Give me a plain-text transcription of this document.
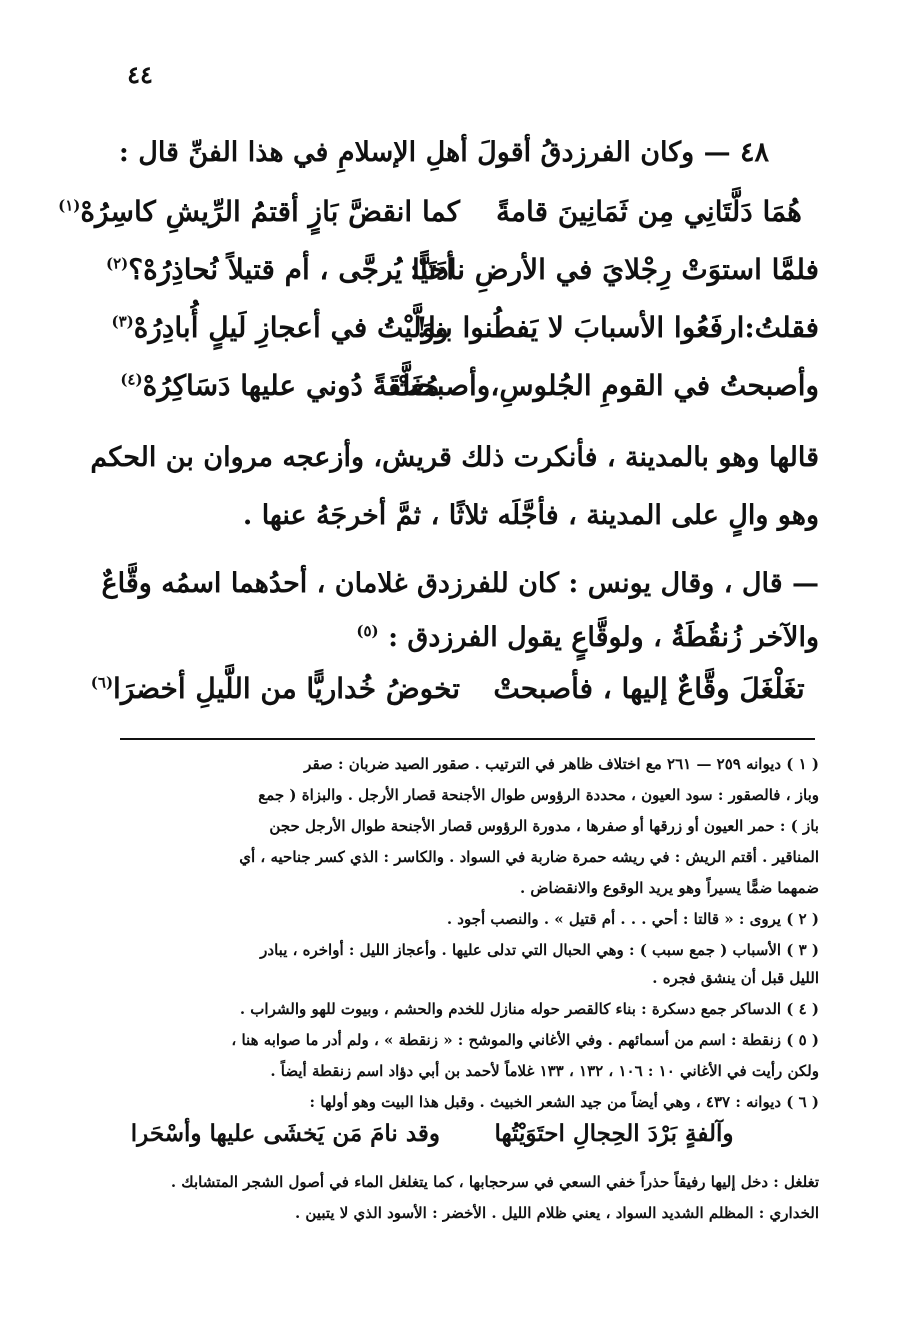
٤٤
٤٨ — وكان الفرزدقُ أقولَ أهلِ الإسلامِ في هذا الفنِّ قال :
هُمَا دَلَّتَانِي مِن ثَمَانِينَ قامةً
كما انقضَّ بَازٍ أقتمُ الرِّيشِ كاسِرُهْ$^{(١)}$
فلمَّا استوَتْ رِجْلايَ في الأرضِ نادَتَا:
أحيًّا يُرجَّى ، أم قتيلاً نُحاذِرُهْ؟$^{(٢)}$
فقلتُ:ارفَعُوا الأسبابَ لا يَفطُنوا بنا!
ووَلَّيْتُ في أعجازِ لَيلٍ أُبادِرُهْ$^{(٣)}$
وأصبحتُ في القومِ الجُلوسِ،وأصبحتْ
مُغَلَّقَةً دُوني عليها دَسَاكِرُهْ$^{(٤)}$
قالها وهو بالمدينة ، فأنكرت ذلك قريش، وأزعجه مروان بن الحكم
وهو والٍ على المدينة ، فأجَّلَه ثلاثًا ، ثمَّ أخرجَهُ عنها .
— قال ، وقال يونس : كان للفرزدق غلامان ، أحدُهما اسمُه وقَّاعٌ
والآخر زُنقُطَةُ ، ولوقَّاعٍ يقول الفرزدق : $^{(٥)}$
تغَلْغَلَ وقَّاعٌ إليها ، فأصبحتْ
تخوضُ خُداريًّا من اللَّيلِ أخضرَا$^{(٦)}$
( ١ ) ديوانه ٢٥٩ — ٢٦١ مع اختلاف ظاهر في الترتيب . صقور الصيد ضربان : صقر
وباز ، فالصقور : سود العيون ، محددة الرؤوس طوال الأجنحة قصار الأرجل . والبزاة ( جمع
باز ) : حمر العيون أو زرقها أو صفرها ، مدورة الرؤوس قصار الأجنحة طوال الأرجل حجن
المناقير . أقتم الريش : في ريشه حمرة ضاربة في السواد . والكاسر : الذي كسر جناحيه ، أي
ضمهما ضمًّا يسيراً وهو يريد الوقوع والانقضاض .
( ٢ ) يروى : « قالتا : أحي . . . أم قتيل » . والنصب أجود .
( ٣ ) الأسباب ( جمع سبب ) : وهي الحبال التي تدلى عليها . وأعجاز الليل : أواخره ، يبادر
الليل قبل أن ينشق فجره .
( ٤ ) الدساكر جمع دسكرة : بناء كالقصر حوله منازل للخدم والحشم ، وبيوت للهو والشراب .
( ٥ ) زنقطة : اسم من أسمائهم . وفي الأغاني والموشح : « زنقطة » ، ولم أدر ما صوابه هنا ،
ولكن رأيت في الأغاني ١٠ : ١٠٦ ، ١٣٢ ، ١٣٣ غلاماً لأحمد بن أبي دؤاد اسم زنقطة أيضاً .
( ٦ ) ديوانه : ٤٣٧ ، وهي أيضاً من جيد الشعر الخبيث . وقبل هذا البيت وهو أولها :
وآلفةٍ بَرْدَ الحِجالِ احتَوَيْتُها
وقد نامَ مَن يَخشَى عليها وأسْحَرا
تغلغل : دخل إليها رفيقاً حذراً خفي السعي في سرحجابها ، كما يتغلغل الماء في أصول الشجر المتشابك .
الخداري : المظلم الشديد السواد ، يعني ظلام الليل . الأخضر : الأسود الذي لا يتبين .
